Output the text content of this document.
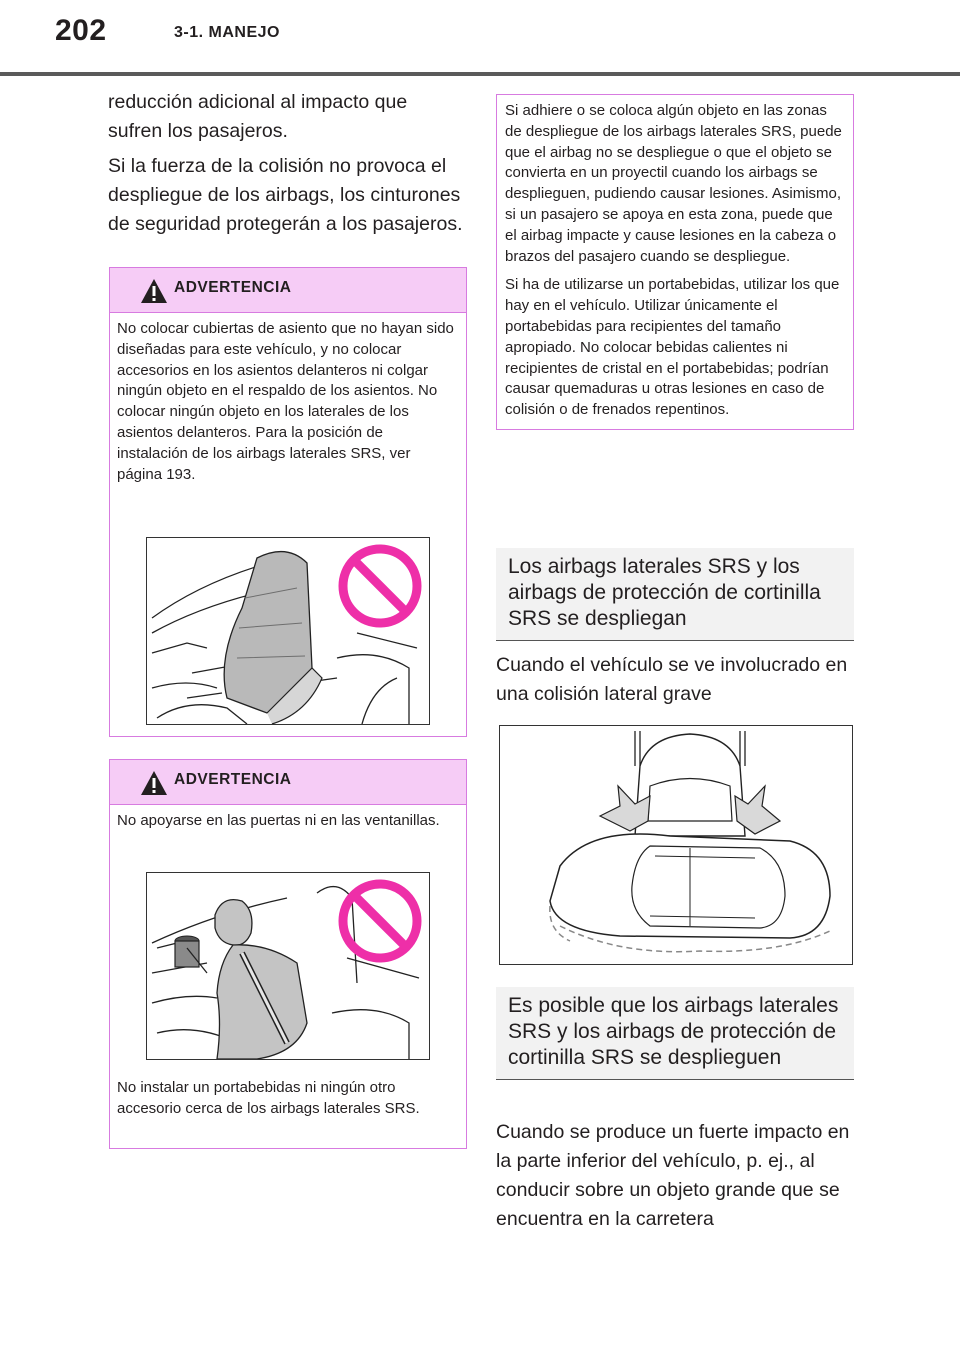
202	3-1. MANEJO

reducción adicional al impacto que sufren los pasajeros.

Si la fuerza de la colisión no provoca el despliegue de los airbags, los cinturones de seguridad protegerán a los pasajeros.

ADVERTENCIA

No colocar cubiertas de asiento que no hayan sido diseñadas para este vehículo, y no colocar accesorios en los asientos delanteros ni colgar ningún objeto en el respaldo de los asientos. No colocar ningún objeto en los laterales de los asientos delanteros. Para la posición de instalación de los airbags laterales SRS, ver página 193.

ADVERTENCIA

No apoyarse en las puertas ni en las ventanillas.

No instalar un portabebidas ni ningún otro accesorio cerca de los airbags laterales SRS.

Si adhiere o se coloca algún objeto en las zonas de despliegue de los airbags laterales SRS, puede que el airbag no se despliegue o que el objeto se convierta en un proyectil cuando los airbags se desplieguen, pudiendo causar lesiones. Asimismo, si un pasajero se apoya en esta zona, puede que el airbag impacte y cause lesiones en la cabeza o brazos del pasajero cuando se despliegue.

Si ha de utilizarse un portabebidas, utilizar los que hay en el vehículo. Utilizar únicamente el portabebidas para recipientes del tamaño apropiado. No colocar bebidas calientes ni recipientes de cristal en el portabebidas; podrían causar quemaduras u otras lesiones en caso de colisión o de frenados repentinos.

Los airbags laterales SRS y los airbags de protección de cortinilla SRS se despliegan

Cuando el vehículo se ve involucrado en una colisión lateral grave

Es posible que los airbags laterales SRS y los airbags de protección de cortinilla SRS se desplieguen

Cuando se produce un fuerte impacto en la parte inferior del vehículo, p. ej., al conducir sobre un objeto grande que se encuentra en la carretera
